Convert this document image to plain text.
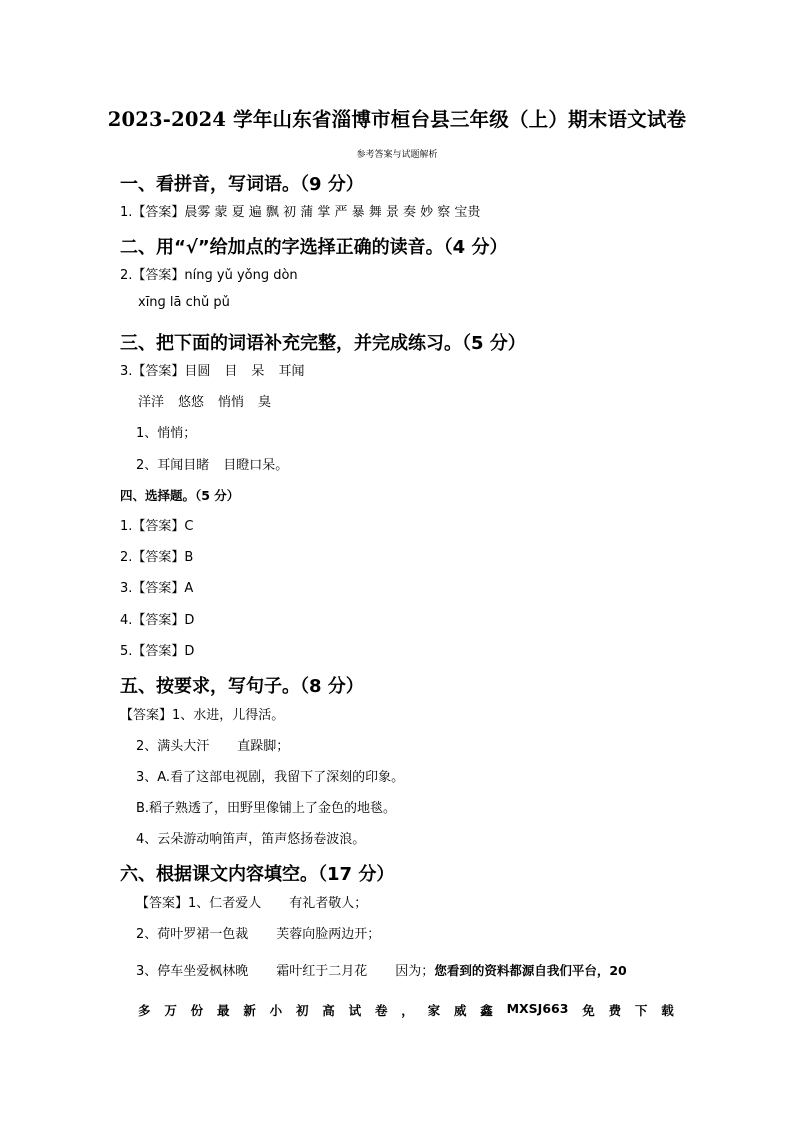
2023-2024 学年山东省淄博市桓台县三年级（上）期末语文试卷
参考答案与试题解析
一、看拼音，写词语。（9 分）
1.【答案】晨雾 蒙 夏 遍 飘 初 蒲 掌 严 暴 舞 景 奏 妙 察 宝贵
二、用“√”给加点的字选择正确的读音。（4 分）
2.【答案】nínɡ yǔ yǒnɡ dòn
xīnɡ lā chǔ pǔ
三、把下面的词语补充完整，并完成练习。（5 分）
3.【答案】目圆 目 呆 耳闻
洋洋 悠悠 悄悄 臭
1、悄悄；
2、耳闻目睹 目瞪口呆。
四、选择题。（5 分）
1.【答案】C
2.【答案】B
3.【答案】A
4.【答案】D
5.【答案】D
五、按要求，写句子。（8 分）
【答案】1、水进，儿得活。
2、满头大汗 直跺脚；
3、A.看了这部电视剧，我留下了深刻的印象。
B.稻子熟透了，田野里像铺上了金色的地毯。
4、云朵游动响笛声，笛声悠扬卷波浪。
六、根据课文内容填空。（17 分）
【答案】1、仁者爱人 有礼者敬人；
2、荷叶罗裙一色裁 芙蓉向脸两边开；
3、停车坐爱枫林晚 霜叶红于二月花 因为；您看到的资料都源自我们平台，20
多 万 份 最 新 小 初 高 试 卷 ， 家 威 鑫 MXSJ663 免 费 下 载
